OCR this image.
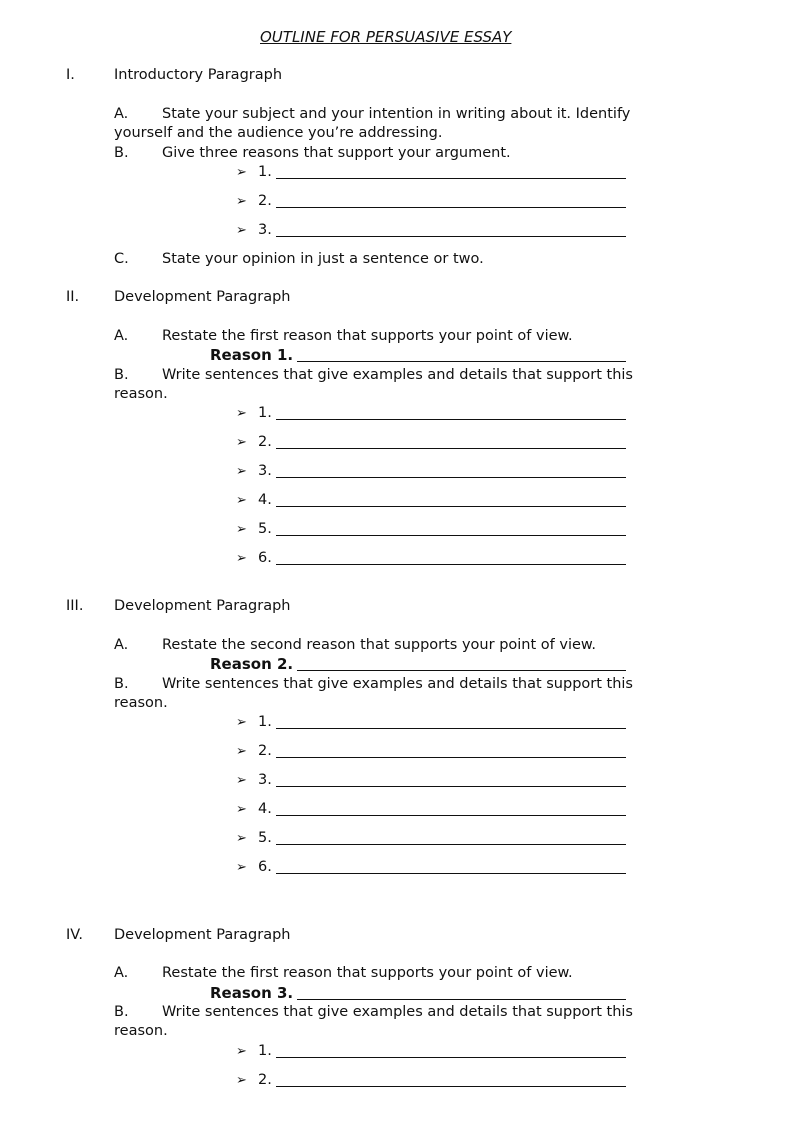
OUTLINE FOR PERSUASIVE ESSAY
I.	Introductory Paragraph
A. State your subject and your intention in writing about it. Identify
yourself and the audience you’re addressing.
B. Give three reasons that support your argument.
➢ 1.
➢ 2.
➢ 3.
C. State your opinion in just a sentence or two.
II. Development Paragraph
A. Restate the first reason that supports your point of view.
Reason 1.
B. Write sentences that give examples and details that support this
reason.
➢ 1.
➢ 2.
➢ 3.
➢ 4.
➢ 5.
➢ 6.
III. Development Paragraph
A. Restate the second reason that supports your point of view.
Reason 2.
B. Write sentences that give examples and details that support this
reason.
➢ 1.
➢ 2.
➢ 3.
➢ 4.
➢ 5.
➢ 6.
IV. Development Paragraph
A. Restate the first reason that supports your point of view.
Reason 3.
B. Write sentences that give examples and details that support this
reason.
➢ 1.
➢ 2.
